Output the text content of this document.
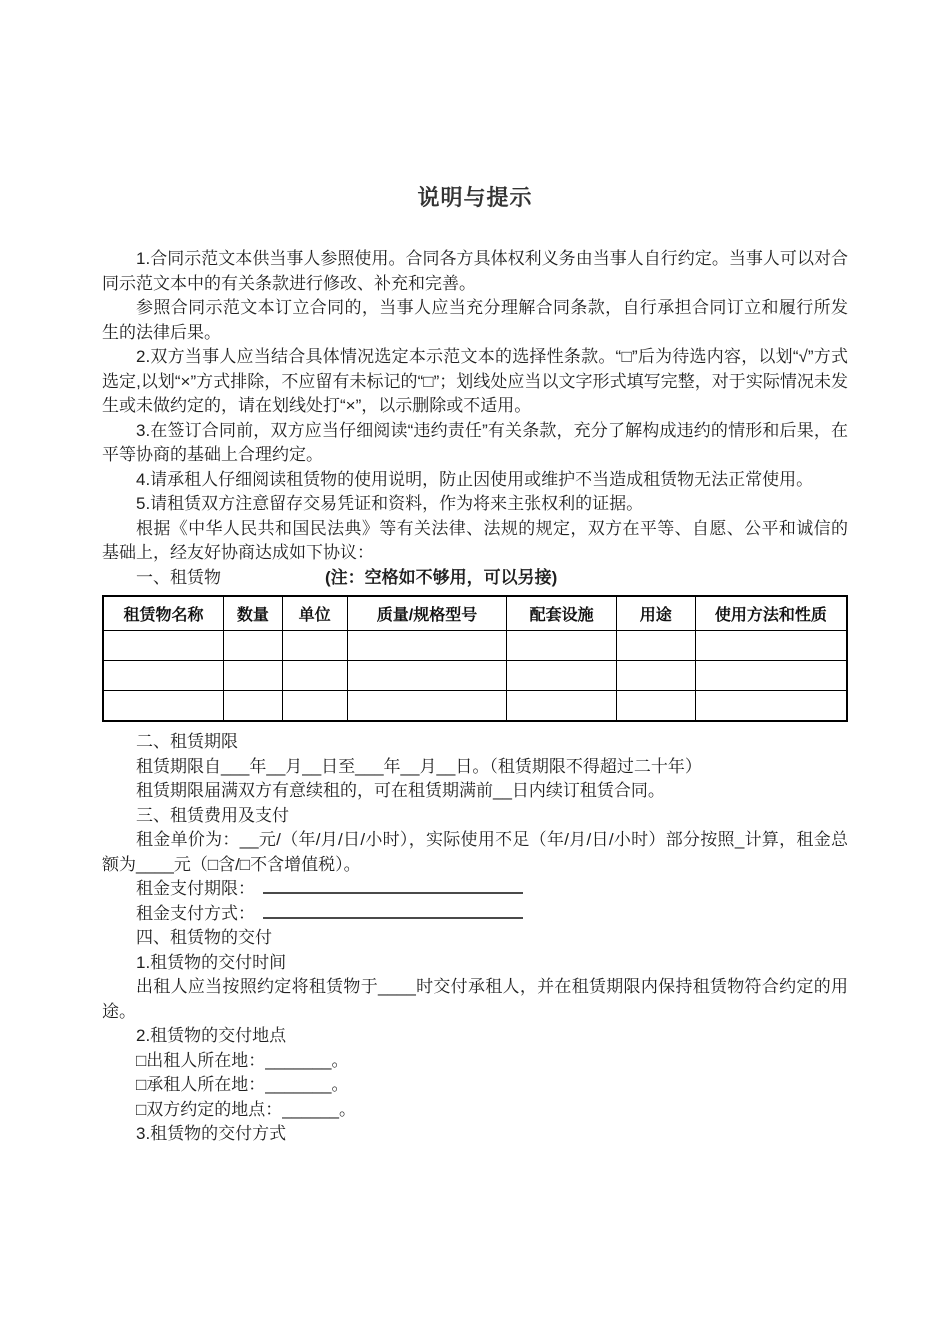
说明与提示

1.合同示范文本供当事人参照使用。合同各方具体权利义务由当事人自行约定。当事人可以对合同示范文本中的有关条款进行修改、补充和完善。

参照合同示范文本订立合同的，当事人应当充分理解合同条款，自行承担合同订立和履行所发生的法律后果。

2.双方当事人应当结合具体情况选定本示范文本的选择性条款。“□”后为待选内容，以划“√”方式选定,以划“×”方式排除，不应留有未标记的“□”；划线处应当以文字形式填写完整，对于实际情况未发生或未做约定的，请在划线处打“×”，以示删除或不适用。

3.在签订合同前，双方应当仔细阅读“违约责任”有关条款，充分了解构成违约的情形和后果，在平等协商的基础上合理约定。

4.请承租人仔细阅读租赁物的使用说明，防止因使用或维护不当造成租赁物无法正常使用。

5.请租赁双方注意留存交易凭证和资料，作为将来主张权利的证据。

根据《中华人民共和国民法典》等有关法律、法规的规定，双方在平等、自愿、公平和诚信的基础上，经友好协商达成如下协议：

一、租赁物	(注：空格如不够用，可以另接)

租赁物名称	数量	单位	质量/规格型号	配套设施	用途	使用方法和性质

二、租赁期限

租赁期限自___年__月__日至___年__月__日。（租赁期限不得超过二十年）

租赁期限届满双方有意续租的，可在租赁期满前__日内续订租赁合同。

三、租赁费用及支付

租金单价为：__元/（年/月/日/小时），实际使用不足（年/月/日/小时）部分按照_计算，租金总额为____元（□含/□不含增值税）。

租金支付期限：

租金支付方式：

四、租赁物的交付

1.租赁物的交付时间

出租人应当按照约定将租赁物于____时交付承租人，并在租赁期限内保持租赁物符合约定的用途。

2.租赁物的交付地点

□出租人所在地：_______。

□承租人所在地：_______。

□双方约定的地点：______。

3.租赁物的交付方式
